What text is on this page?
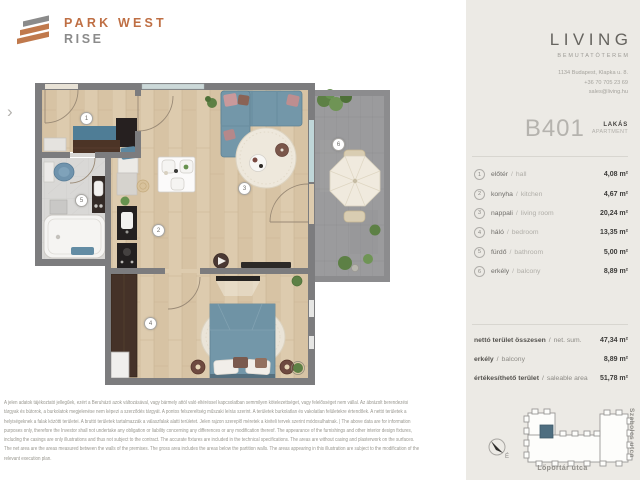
PARK WEST
RISE
›	1
2
3
4
5
6
LIVING
BEMUTATÓTEREM
1134 Budapest, Klapka u. 8.
+36 70 705 23 69
sales@living.hu
B401	LAKÁS
APARTMENT
1	előtér / hall	4,08 m²
2	konyha / kitchen	4,67 m²
3	nappali / living room	20,24 m²
4	háló / bedroom	13,35 m²
5	fürdő / bathroom	5,00 m²
6	erkély / balcony	8,89 m²
nettó terület összesen / net. sum.	47,34 m²
erkély / balcony	8,89 m²
értékesíthető terület / saleable area 51,78 m²
É
Lőportár utca
Szabolcs utca
A jelen adatok tájékoztató jellegűek, ezért a Beruházó azok változásával, vagy bármely attól való eltéréssel kapcsolatban semmilyen kötelezettséget, vagy felelősséget nem vállal. Az ábrázolt berendezési
tárgyak és bútorok, a burkolatok megjelenése nem képezi a szerződés tárgyát. A pontos felszereltség műszaki leírás szerint. A területek burkolatlan és vakolatlan felületekre értendőek. A nettó területek a
helyiségeknek a falak közötti területei. A bruttó területek tartalmazzák a válaszfalak alatti területet. Jelen rajzon szereplő méretek a kiviteli tervek szerint módosulhatnak. | The above data are for information
purposes only, therefore the Investor shall not undertake any obligation or liability concerning any differences or any modification thereof. The appearance of the furnishings and other interior design fixtures,
including the casings are only illustrations and thus not subject to the contract. The accurate fixtures are included in the technical specifications. The areas are without casing and plasterwork on the surfaces.
The net area are the areas measured between the walls of the premises. The gross area includes the areas below the partition walls. The areas appearing in this illustration are subject to the modification of the
relevant execution plan.
